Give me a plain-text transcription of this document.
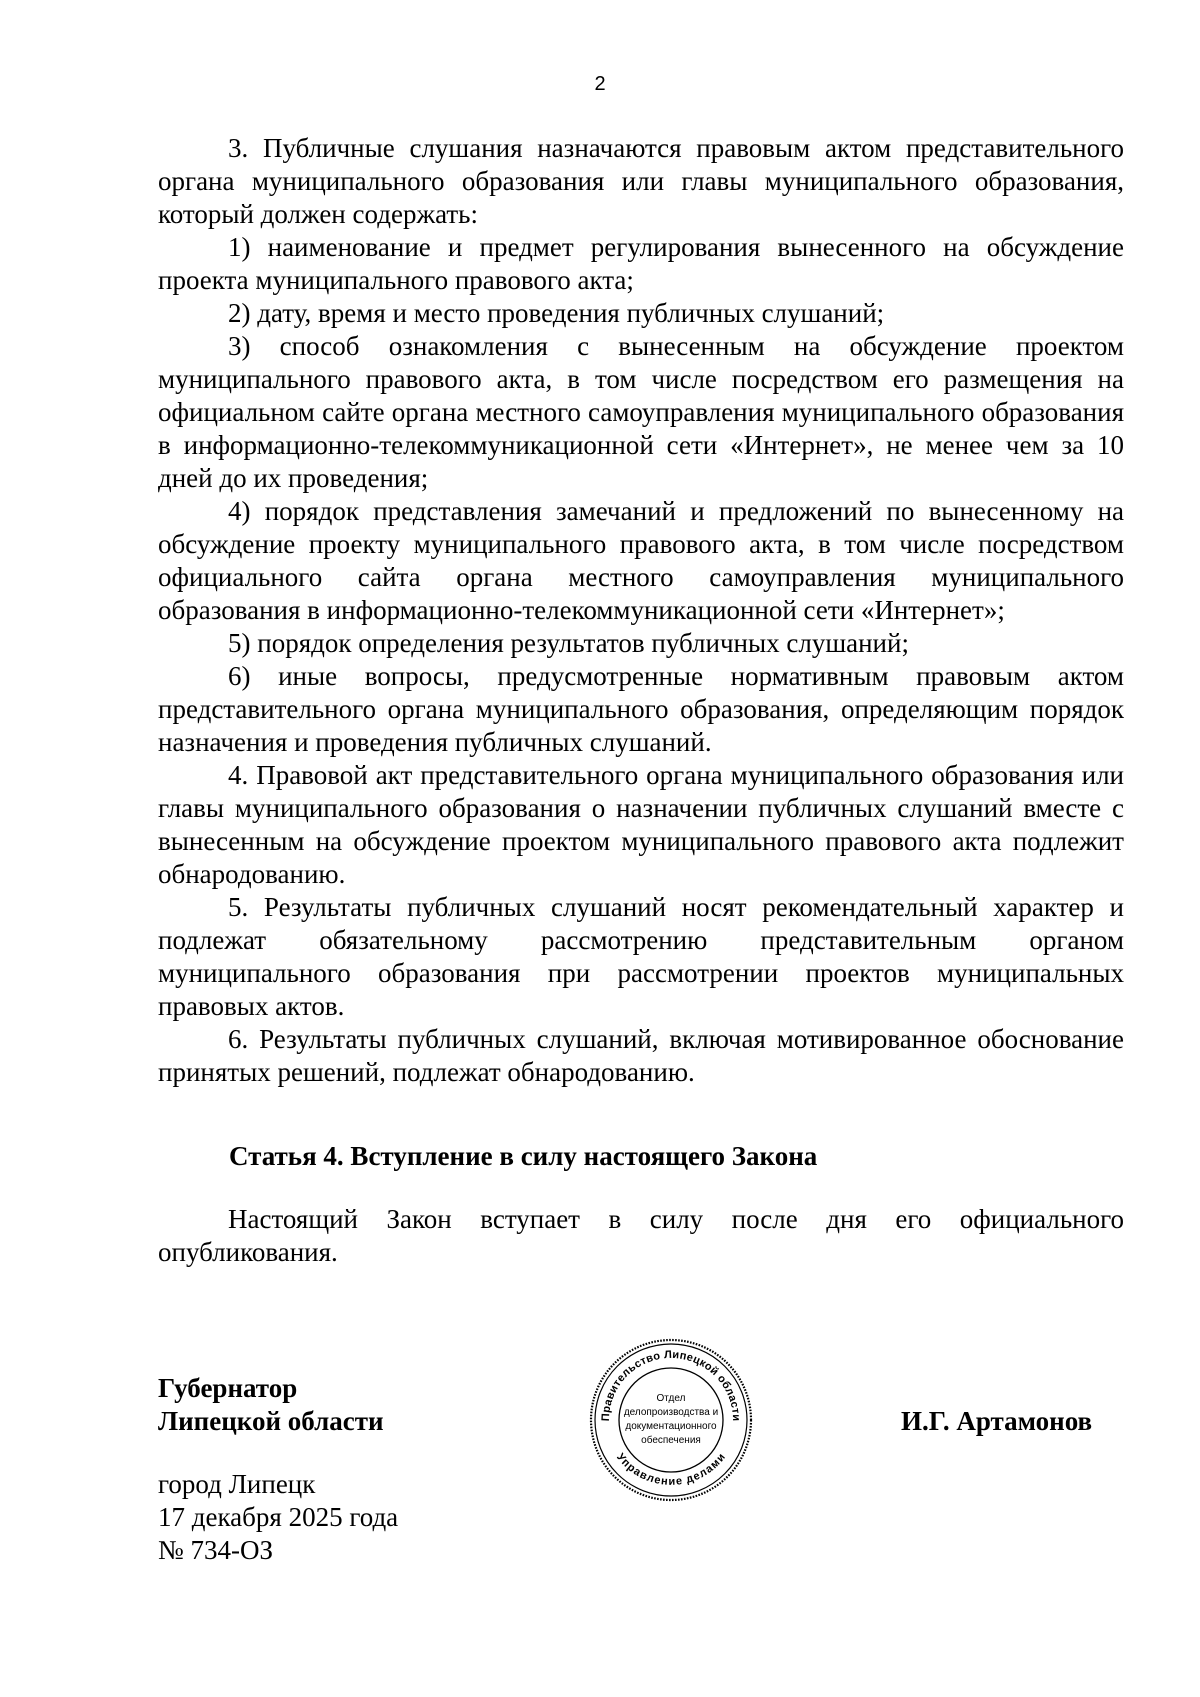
2

3. Публичные слушания назначаются правовым актом представительного органа муниципального образования или главы муниципального образования, который должен содержать:

1) наименование и предмет регулирования вынесенного на обсуждение проекта муниципального правового акта;

2) дату, время и место проведения публичных слушаний;

3) способ ознакомления с вынесенным на обсуждение проектом муниципального правового акта, в том числе посредством его размещения на официальном сайте органа местного самоуправления муниципального образования в информационно-телекоммуникационной сети «Интернет», не менее чем за 10 дней до их проведения;

4) порядок представления замечаний и предложений по вынесенному на обсуждение проекту муниципального правового акта, в том числе посредством официального сайта органа местного самоуправления муниципального образования в информационно-телекоммуникационной сети «Интернет»;

5) порядок определения результатов публичных слушаний;

6) иные вопросы, предусмотренные нормативным правовым актом представительного органа муниципального образования, определяющим порядок назначения и проведения публичных слушаний.

4. Правовой акт представительного органа муниципального образования или главы муниципального образования о назначении публичных слушаний вместе с вынесенным на обсуждение проектом муниципального правового акта подлежит обнародованию.

5. Результаты публичных слушаний носят рекомендательный характер и подлежат обязательному рассмотрению представительным органом муниципального образования при рассмотрении проектов муниципальных правовых актов.

6. Результаты публичных слушаний, включая мотивированное обоснование принятых решений, подлежат обнародованию.

Статья 4. Вступление в силу настоящего Закона

Настоящий Закон вступает в силу после дня его официального опубликования.

Губернатор
Липецкой области	И.Г. Артамонов
город Липецк
17 декабря 2025 года
№ 734-ОЗ
Правительство Липецкой области
Управление делами
Отдел
делопроизводства и
документационного
обеспечения
